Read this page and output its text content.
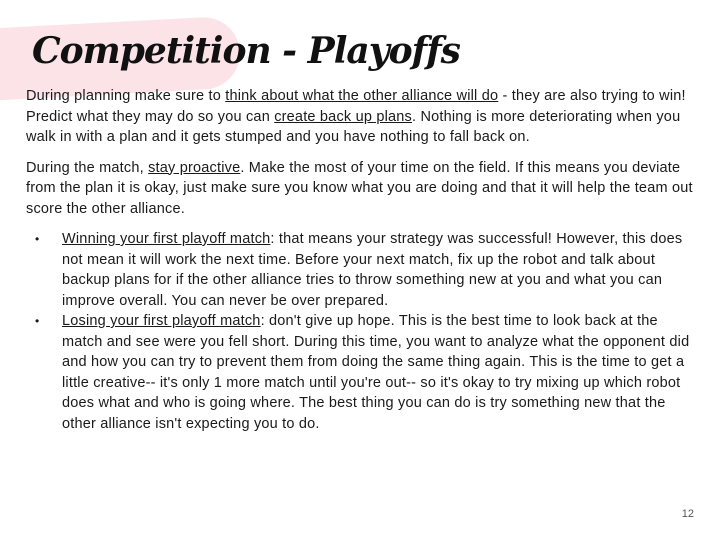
Competition - Playoffs

During planning make sure to think about what the other alliance will do - they are also trying to win! Predict what they may do so you can create back up plans. Nothing is more deteriorating when you walk in with a plan and it gets stumped and you have nothing to fall back on.

During the match, stay proactive. Make the most of your time on the field. If this means you deviate from the plan it is okay, just make sure you know what you are doing and that it will help the team out score the other alliance.

• Winning your first playoff match: that means your strategy was successful! However, this does not mean it will work the next time. Before your next match, fix up the robot and talk about backup plans for if the other alliance tries to throw something new at you and what you can improve overall. You can never be over prepared.
• Losing your first playoff match: don't give up hope. This is the best time to look back at the match and see were you fell short. During this time, you want to analyze what the opponent did and how you can try to prevent them from doing the same thing again. This is the time to get a little creative-- it's only 1 more match until you're out-- so it's okay to try mixing up which robot does what and who is going where. The best thing you can do is try something new that the other alliance isn't expecting you to do.
12
